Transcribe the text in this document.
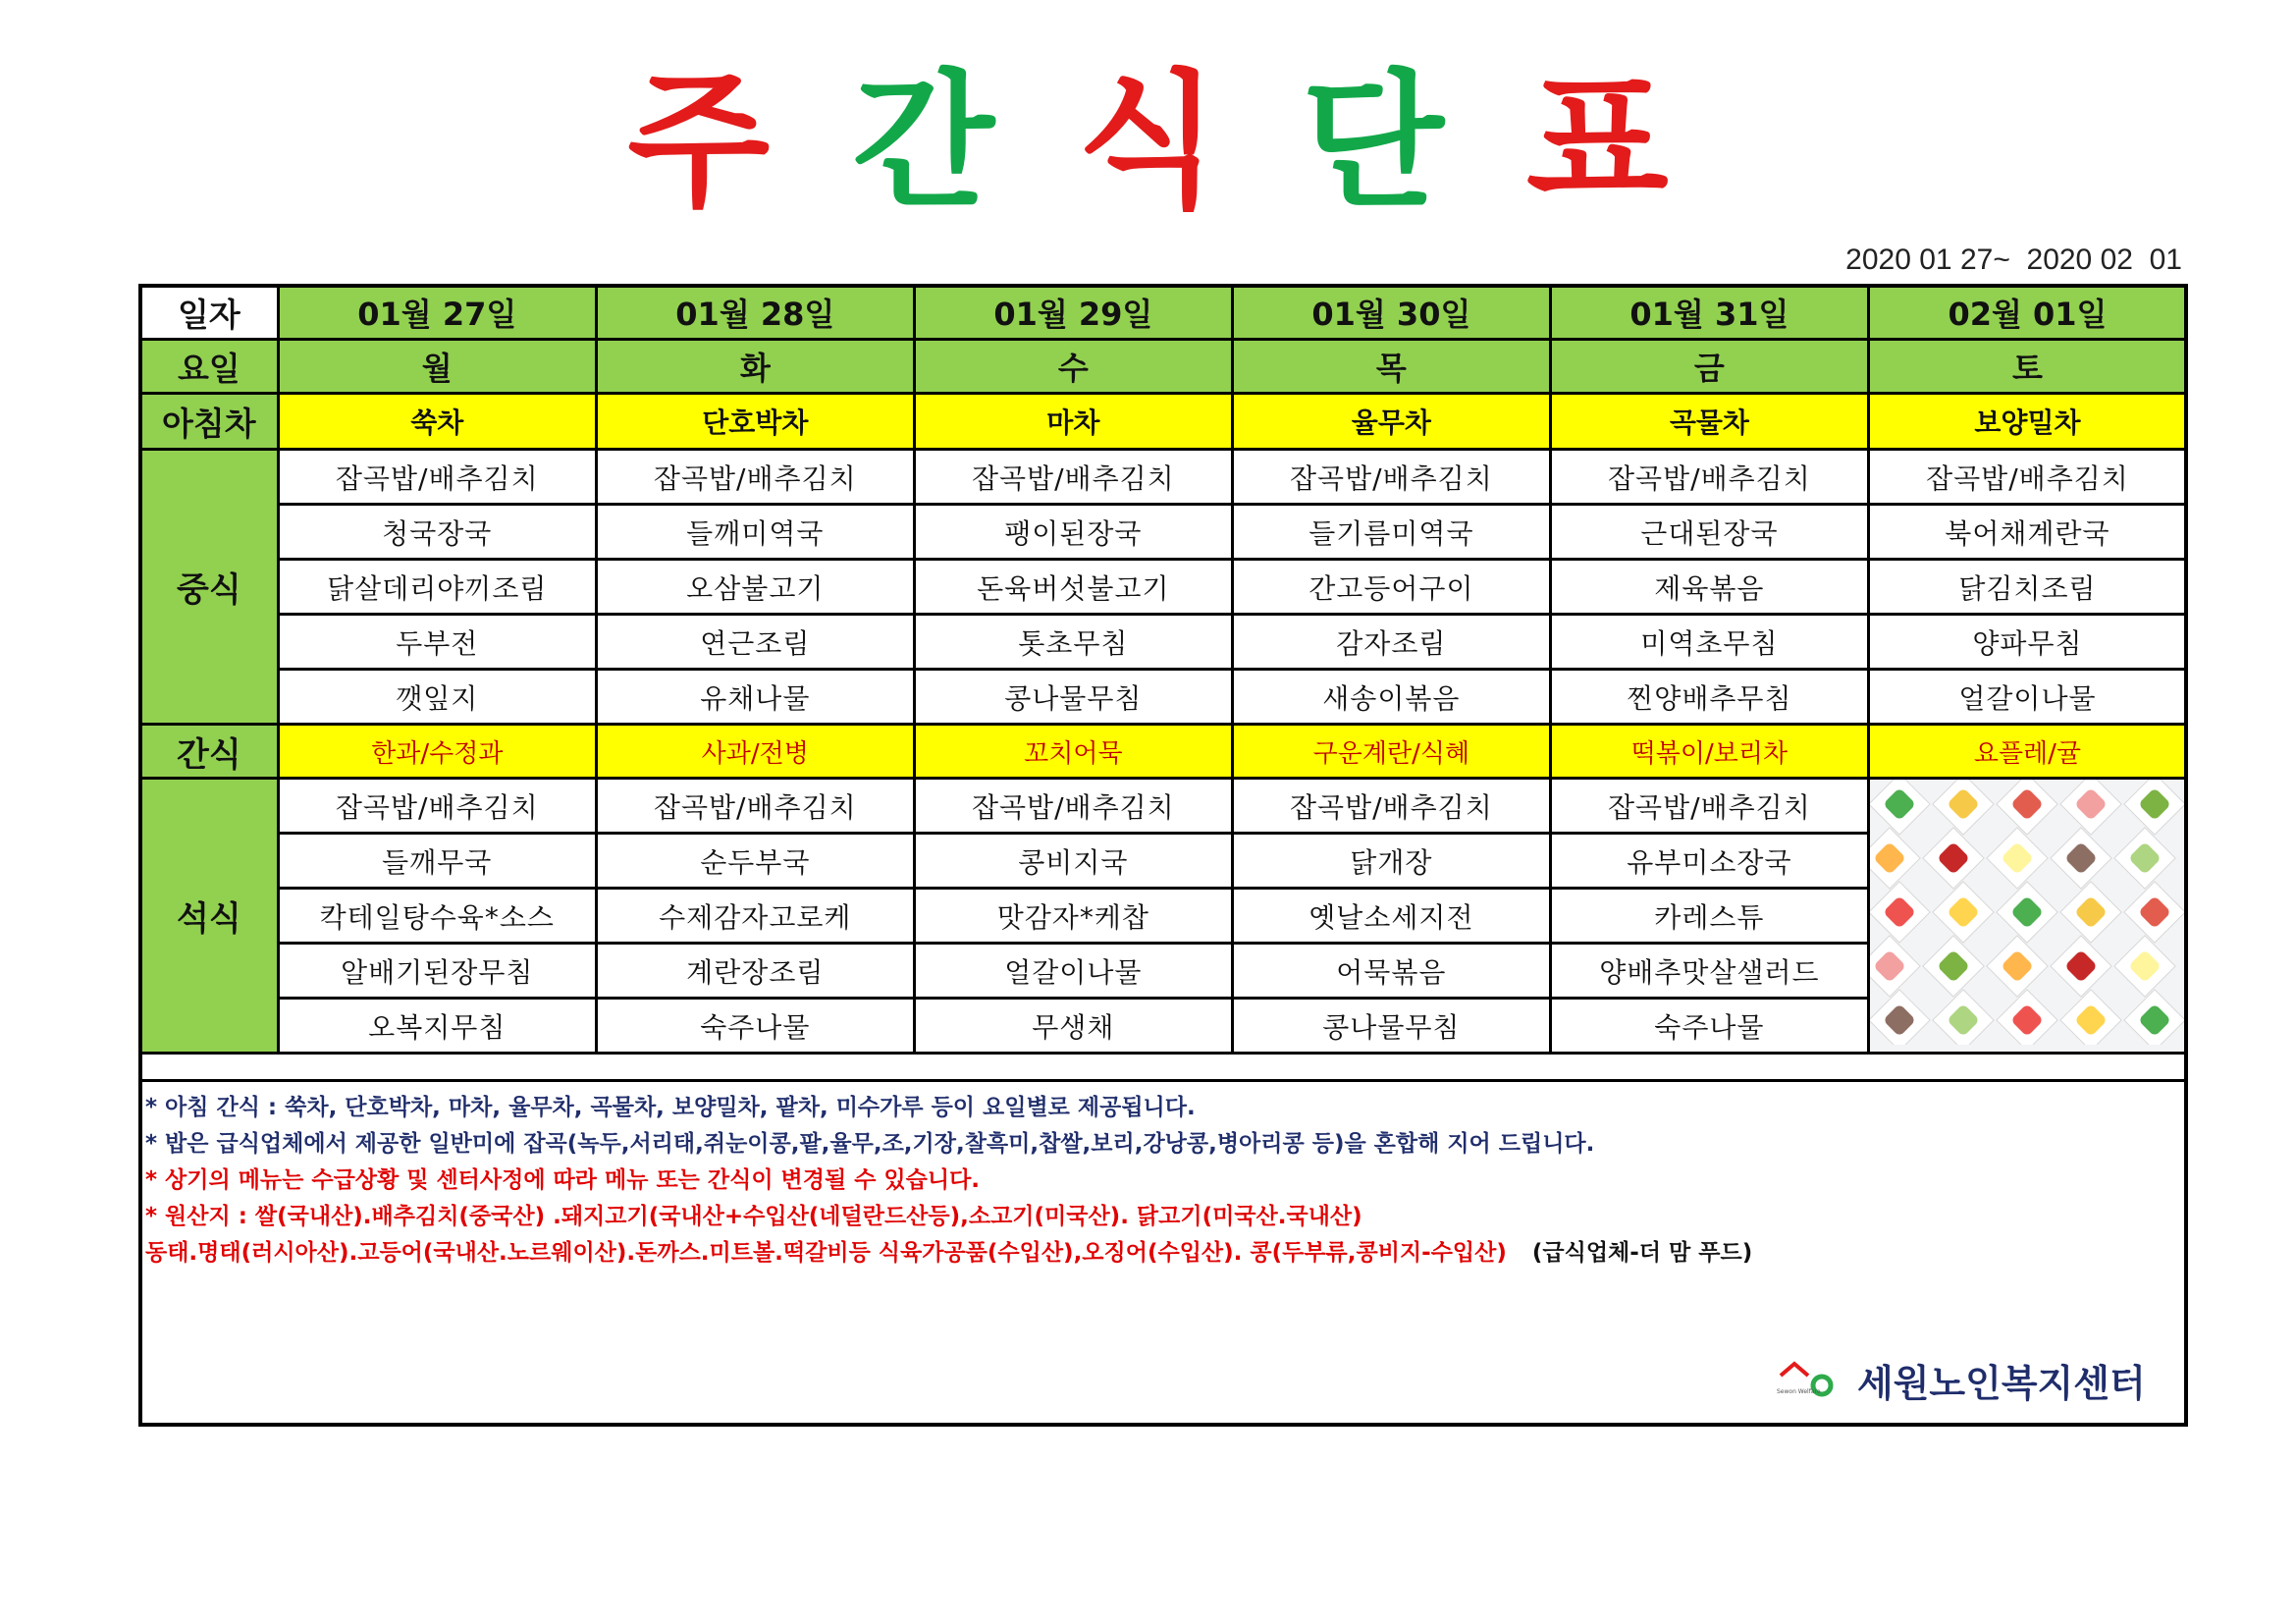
주 간 식 단 표
2020 01 27~  2020 02  01
일자	01월 27일	01월 28일	01월 29일	01월 30일	01월 31일	02월 01일
요일	월	화	수	목	금	토
아침차	쑥차	단호박차	마차	율무차	곡물차	보양밀차
중식	잡곡밥/배추김치	잡곡밥/배추김치	잡곡밥/배추김치	잡곡밥/배추김치	잡곡밥/배추김치	잡곡밥/배추김치
	청국장국	들깨미역국	팽이된장국	들기름미역국	근대된장국	북어채계란국
	닭살데리야끼조림	오삼불고기	돈육버섯불고기	간고등어구이	제육볶음	닭김치조림
	두부전	연근조림	톳초무침	감자조림	미역초무침	양파무침
	깻잎지	유채나물	콩나물무침	새송이볶음	찐양배추무침	얼갈이나물
간식	한과/수정과	사과/전병	꼬치어묵	구운계란/식혜	떡볶이/보리차	요플레/귤
석식	잡곡밥/배추김치	잡곡밥/배추김치	잡곡밥/배추김치	잡곡밥/배추김치	잡곡밥/배추김치	

	들깨무국	순두부국	콩비지국	닭개장	유부미소장국	
	칵테일탕수육*소스	수제감자고로케	맛감자*케찹	옛날소세지전	카레스튜	
	알배기된장무침	계란장조림	얼갈이나물	어묵볶음	양배추맛살샐러드	
	오복지무침	숙주나물	무생채	콩나물무침	숙주나물	

* 아침 간식 : 쑥차, 단호박차, 마차, 율무차, 곡물차, 보양밀차, 팥차, 미수가루 등이 요일별로 제공됩니다.
* 밥은 급식업체에서 제공한 일반미에 잡곡(녹두,서리태,쥐눈이콩,팥,율무,조,기장,찰흑미,찹쌀,보리,강낭콩,병아리콩 등)을 혼합해 지어 드립니다.
* 상기의 메뉴는 수급상황 및 센터사정에 따라 메뉴 또는 간식이 변경될 수 있습니다.
* 원산지 : 쌀(국내산).배추김치(중국산) .돼지고기(국내산+수입산(네덜란드산등),소고기(미국산). 닭고기(미국산.국내산)
동태.명태(러시아산).고등어(국내산.노르웨이산).돈까스.미트볼.떡갈비등 식육가공품(수입산),오징어(수입산). 콩(두부류,콩비지-수입산) (급식업체-더 맘 푸드)
Sewon Welfare 세원노인복지센터
